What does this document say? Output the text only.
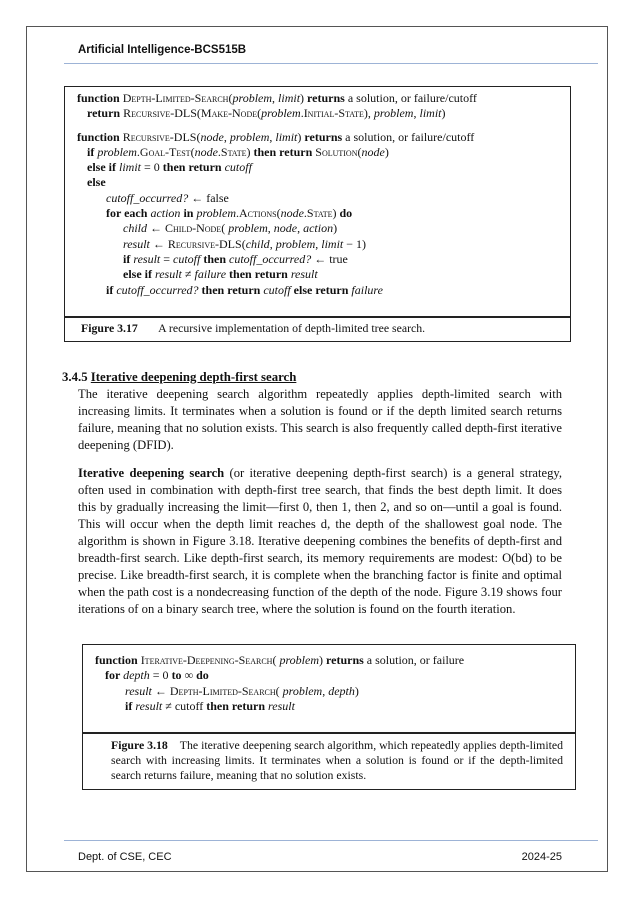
Artificial Intelligence-BCS515B
function Depth-Limited-Search(problem, limit) returns a solution, or failure/cutoff
return Recursive-DLS(Make-Node(problem.Initial-State), problem, limit)
function Recursive-DLS(node, problem, limit) returns a solution, or failure/cutoff
if problem.Goal-Test(node.State) then return Solution(node)
else if limit = 0 then return cutoff
else
cutoff_occurred? ← false
for each action in problem.Actions(node.State) do
child ← Child-Node( problem, node, action)
result ← Recursive-DLS(child, problem, limit − 1)
if result = cutoff then cutoff_occurred? ← true
else if result ≠ failure then return result
if cutoff_occurred? then return cutoff else return failure
Figure 3.17 A recursive implementation of depth-limited tree search.
3.4.5 Iterative deepening depth-first search
The iterative deepening search algorithm repeatedly applies depth-limited search with increasing limits. It terminates when a solution is found or if the depth limited search returns failure, meaning that no solution exists. This search is also frequently called depth-first iterative deepening (DFID).
Iterative deepening search (or iterative deepening depth-first search) is a general strategy, often used in combination with depth-first tree search, that finds the best depth limit. It does this by gradually increasing the limit—first 0, then 1, then 2, and so on—until a goal is found. This will occur when the depth limit reaches d, the depth of the shallowest goal node. The algorithm is shown in Figure 3.18. Iterative deepening combines the benefits of depth-first and breadth-first search. Like depth-first search, its memory requirements are modest: O(bd) to be precise. Like breadth-first search, it is complete when the branching factor is finite and optimal when the path cost is a nondecreasing function of the depth of the node. Figure 3.19 shows four iterations of on a binary search tree, where the solution is found on the fourth iteration.
function Iterative-Deepening-Search( problem) returns a solution, or failure
for depth = 0 to ∞ do
result ← Depth-Limited-Search( problem, depth)
if result ≠ cutoff then return result
Figure 3.18 The iterative deepening search algorithm, which repeatedly applies depth-limited search with increasing limits. It terminates when a solution is found or if the depth-limited search returns failure, meaning that no solution exists.
Dept. of CSE, CEC	2024-25
